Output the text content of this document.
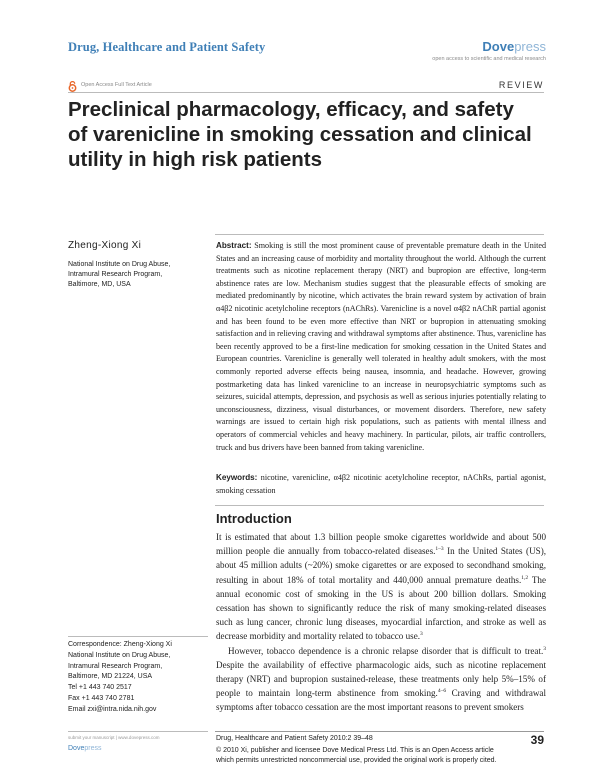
Drug, Healthcare and Patient Safety	Dovepress
open access to scientific and medical research
Open Access Full Text Article	REVIEW
Preclinical pharmacology, efficacy, and safety of varenicline in smoking cessation and clinical utility in high risk patients
Zheng-Xiong Xi
National Institute on Drug Abuse,
Intramural Research Program,
Baltimore, MD, USA
Abstract: Smoking is still the most prominent cause of preventable premature death in the United States and an increasing cause of morbidity and mortality throughout the world. Although the current treatments such as nicotine replacement therapy (NRT) and bupropion are effective, long-term abstinence rates are low. Mechanism studies suggest that the pleasurable effects of smoking are mediated predominantly by nicotine, which activates the brain reward system by activation of brain α4β2 nicotinic acetylcholine receptors (nAChRs). Varenicline is a novel α4β2 nAChR partial agonist and has been found to be even more effective than NRT or bupropion in attenuating smoking satisfaction and in relieving craving and withdrawal symptoms after abstinence. Thus, varenicline has been recently approved to be a first-line medication for smoking cessation in the United States and European countries. Varenicline is generally well tolerated in healthy adult smokers, with the most commonly reported adverse effects being nausea, insomnia, and headache. However, growing postmarketing data has linked varenicline to an increase in neuropsychiatric symptoms such as seizures, suicidal attempts, depression, and psychosis as well as serious injuries potentially relating to unconsciousness, dizziness, visual disturbances, or movement disorders. Therefore, new safety warnings are issued to certain high risk populations, such as patients with mental illness and operators of commercial vehicles and heavy machinery. In particular, pilots, air traffic controllers, truck and bus drivers have been banned from taking varenicline.
Keywords: nicotine, varenicline, α4β2 nicotinic acetylcholine receptor, nAChRs, partial agonist, smoking cessation
Introduction

It is estimated that about 1.3 billion people smoke cigarettes worldwide and about 500 million people die annually from tobacco-related diseases.$^{1-3}$ In the United States (US), about 45 million adults (~20%) smoke cigarettes or are exposed to secondhand smoking, resulting in about 18% of total mortality and 440,000 annual premature deaths.$^{1,2}$ The annual economic cost of smoking in the US is about 200 billion dollars. Smoking cessation has shown to significantly reduce the risk of many smoking-related diseases such as lung cancer, chronic lung diseases, myocardial infarction, and stroke as well as decrease morbidity and mortality related to tobacco use.$^3$

However, tobacco dependence is a chronic relapse disorder that is difficult to treat.$^3$ Despite the availability of effective pharmacologic aids, such as nicotine replacement therapy (NRT) and bupropion sustained-release, these treatments only help 5%–15% of people to maintain long-term abstinence from smoking.$^{4-6}$ Craving and withdrawal symptoms after tobacco cessation are the most important reasons to prevent smokers

Correspondence: Zheng-Xiong Xi
National Institute on Drug Abuse,
Intramural Research Program,
Baltimore, MD 21224, USA
Tel +1 443 740 2517
Fax +1 443 740 2781
Email zxi@intra.nida.nih.gov
submit your manuscript | www.dovepress.com
Dovepress
Drug, Healthcare and Patient Safety 2010:2 39–48	39
© 2010 Xi, publisher and licensee Dove Medical Press Ltd. This is an Open Access article
which permits unrestricted noncommercial use, provided the original work is properly cited.
